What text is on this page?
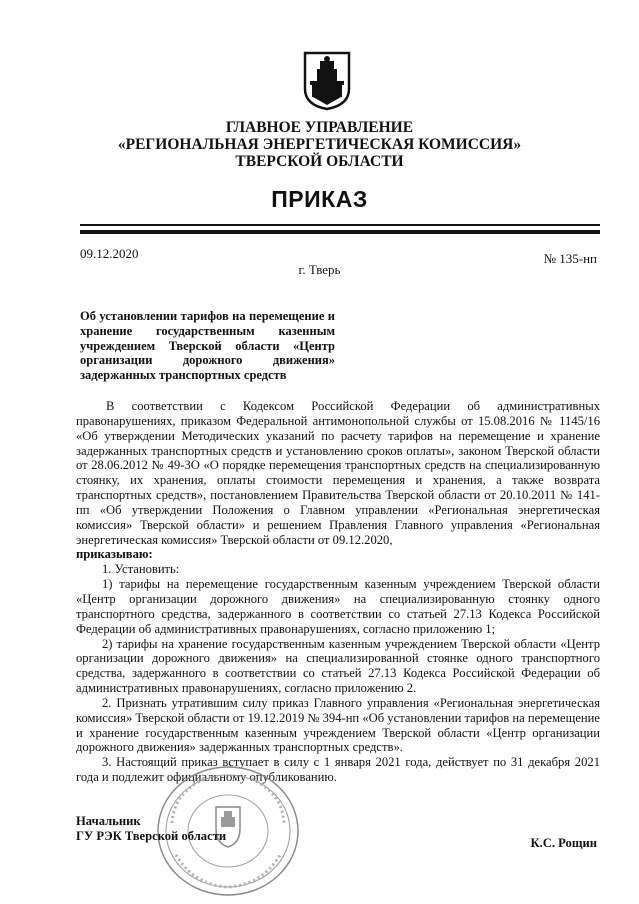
ГЛАВНОЕ УПРАВЛЕНИЕ
«РЕГИОНАЛЬНАЯ ЭНЕРГЕТИЧЕСКАЯ КОМИССИЯ»
ТВЕРСКОЙ ОБЛАСТИ
ПРИКАЗ
09.12.2020	№ 135-нп
г. Тверь
Об установлении тарифов на перемещение и хранение государственным казенным учреждением Тверской области «Центр организации дорожного движения» задержанных транспортных средств

В соответствии с Кодексом Российской Федерации об административных правонарушениях, приказом Федеральной антимонопольной службы от 15.08.2016 № 1145/16 «Об утверждении Методических указаний по расчету тарифов на перемещение и хранение задержанных транспортных средств и установлению сроков оплаты», законом Тверской области от 28.06.2012 № 49-ЗО «О порядке перемещения транспортных средств на специализированную стоянку, их хранения, оплаты стоимости перемещения и хранения, а также возврата транспортных средств», постановлением Правительства Тверской области от 20.10.2011 № 141-пп «Об утверждении Положения о Главном управлении «Региональная энергетическая комиссия» Тверской области» и решением Правления Главного управления «Региональная энергетическая комиссия» Тверской области от 09.12.2020,

приказываю:

1. Установить:

1) тарифы на перемещение государственным казенным учреждением Тверской области «Центр организации дорожного движения» на специализированную стоянку одного транспортного средства, задержанного в соответствии со статьей 27.13 Кодекса Российской Федерации об административных правонарушениях, согласно приложению 1;

2) тарифы на хранение государственным казенным учреждением Тверской области «Центр организации дорожного движения» на специализированной стоянке одного транспортного средства, задержанного в соответствии со статьей 27.13 Кодекса Российской Федерации об административных правонарушениях, согласно приложению 2.

2. Признать утратившим силу приказ Главного управления «Региональная энергетическая комиссия» Тверской области от 19.12.2019 № 394-нп «Об установлении тарифов на перемещение и хранение государственным казенным учреждением Тверской области «Центр организации дорожного движения» задержанных транспортных средств».

3. Настоящий приказ вступает в силу с 1 января 2021 года, действует по 31 декабря 2021 года и подлежит официальному опубликованию.

Начальник
ГУ РЭК Тверской области	К.С. Рощин
